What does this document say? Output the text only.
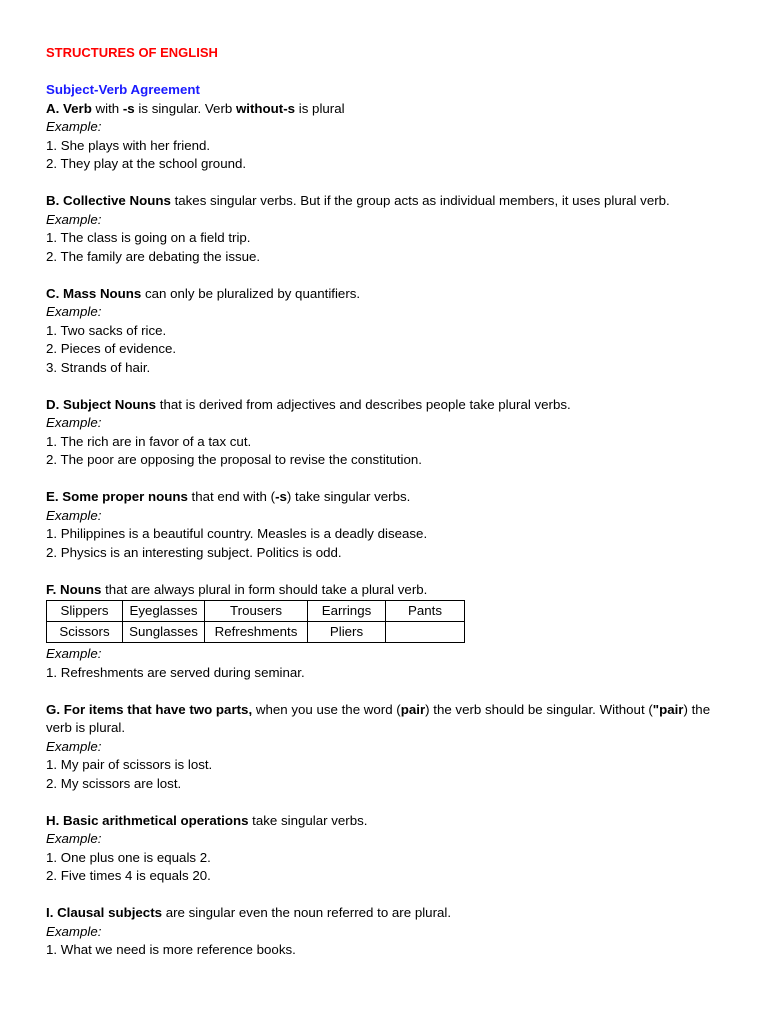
STRUCTURES OF ENGLISH
Subject-Verb Agreement
A. Verb with -s is singular. Verb without-s is plural
Example:
1. She plays with her friend.
2. They play at the school ground.
B. Collective Nouns takes singular verbs. But if the group acts as individual members, it uses plural verb.
Example:
1. The class is going on a field trip.
2. The family are debating the issue.
C. Mass Nouns can only be pluralized by quantifiers.
Example:
1. Two sacks of rice.
2. Pieces of evidence.
3. Strands of hair.
D. Subject Nouns that is derived from adjectives and describes people take plural verbs.
Example:
1. The rich are in favor of a tax cut.
2. The poor are opposing the proposal to revise the constitution.
E. Some proper nouns that end with (-s) take singular verbs.
Example:
1. Philippines is a beautiful country. Measles is a deadly disease.
2. Physics is an interesting subject. Politics is odd.
F. Nouns that are always plural in form should take a plural verb.
Slippers	Eyeglasses	Trousers	Earrings	Pants
Scissors	Sunglasses	Refreshments	Pliers	
Example:
1. Refreshments are served during seminar.
G. For items that have two parts, when you use the word (pair) the verb should be singular. Without ("pair) the verb is plural.
Example:
1. My pair of scissors is lost.
2. My scissors are lost.
H. Basic arithmetical operations take singular verbs.
Example:
1. One plus one is equals 2.
2. Five times 4 is equals 20.
I. Clausal subjects are singular even the noun referred to are plural.
Example:
1. What we need is more reference books.
